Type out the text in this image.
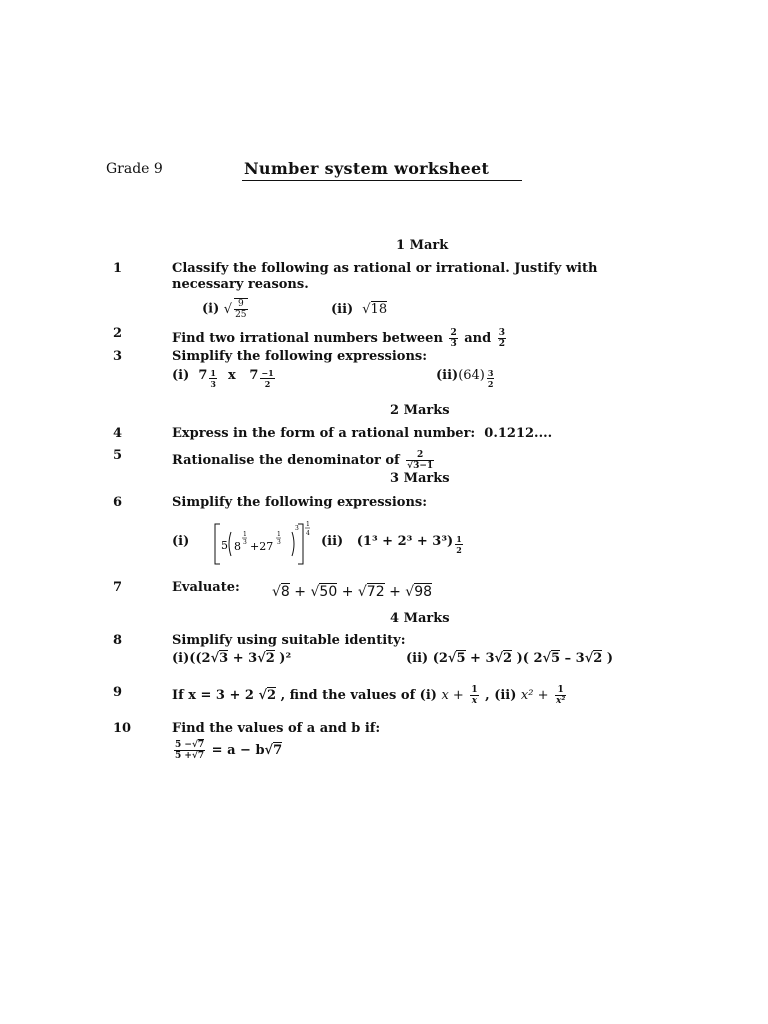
Grade 9	Number system worksheet
1 Mark
1	Classify the following as rational or irrational. Justify with
necessary reasons.
(i) √ $\frac{9}{25}$	(ii) √18
2	Find two irrational numbers between $\frac{2}{3}$ and $\frac{3}{2}$
3	Simplify the following expressions:
(i) $7 \frac{1}{3}$ x $7 \frac{-1}{2}$	$(ii)(64) \frac{3}{2}$
2 Marks
4	Express in the form of a rational number: 0.1212....
5	Rationalise the denominator of $\frac{2}{√3-1}$
3 Marks
6	Simplify the following expressions:
(i)	5 8
1
3 +27
1
3
3
1
4
(ii) $(1^3 + 2^3 + 3^3) \frac{1}{2}$
7	Evaluate: √8 + √50 + √72 + √98
4 Marks
8	Simplify using suitable identity:
(i)((2√3 + 3√2 )²	(ii) (2√5 + 3√2 )( 2√5 – 3√2 )
9	If x = 3 + 2 √2 , find the values of (i) $x + \frac{1}{x}$ , (ii) $x^2 + \frac{1}{\text{x²}}$
10	Find the values of a and b if:
$\frac{5 -√7}{5 +√7} = a - b√7$
